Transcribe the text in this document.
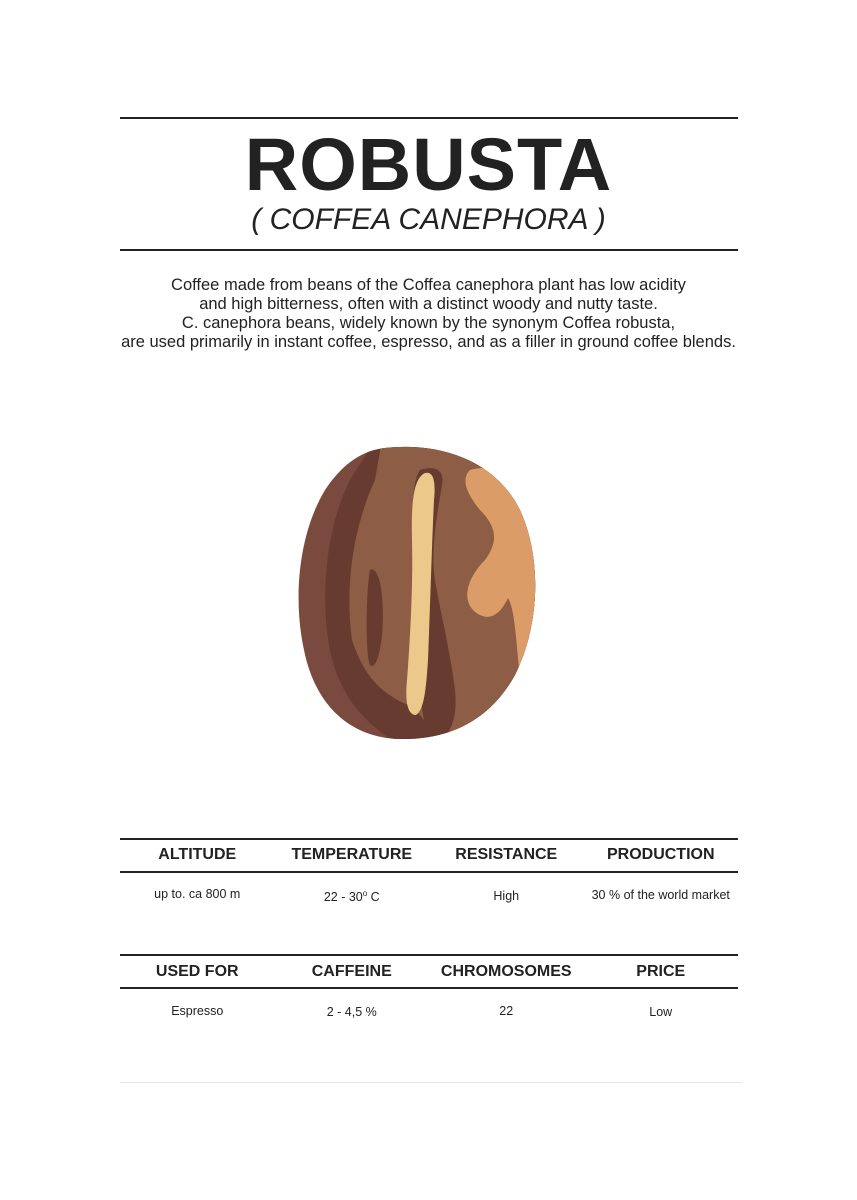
ROBUSTA
( COFFEA CANEPHORA )
Coffee made from beans of the Coffea canephora plant has low acidity
and high bitterness, often with a distinct woody and nutty taste.
C. canephora beans, widely known by the synonym Coffea robusta,
are used primarily in instant coffee, espresso, and as a filler in ground coffee blends.
ALTITUDE	TEMPERATURE	RESISTANCE	PRODUCTION
up to. ca 800 m	22 - 30$^o$ C	High	30 % of the world market
USED FOR	CAFFEINE	CHROMOSOMES	PRICE
Espresso	2 - 4,5 %	22	Low
